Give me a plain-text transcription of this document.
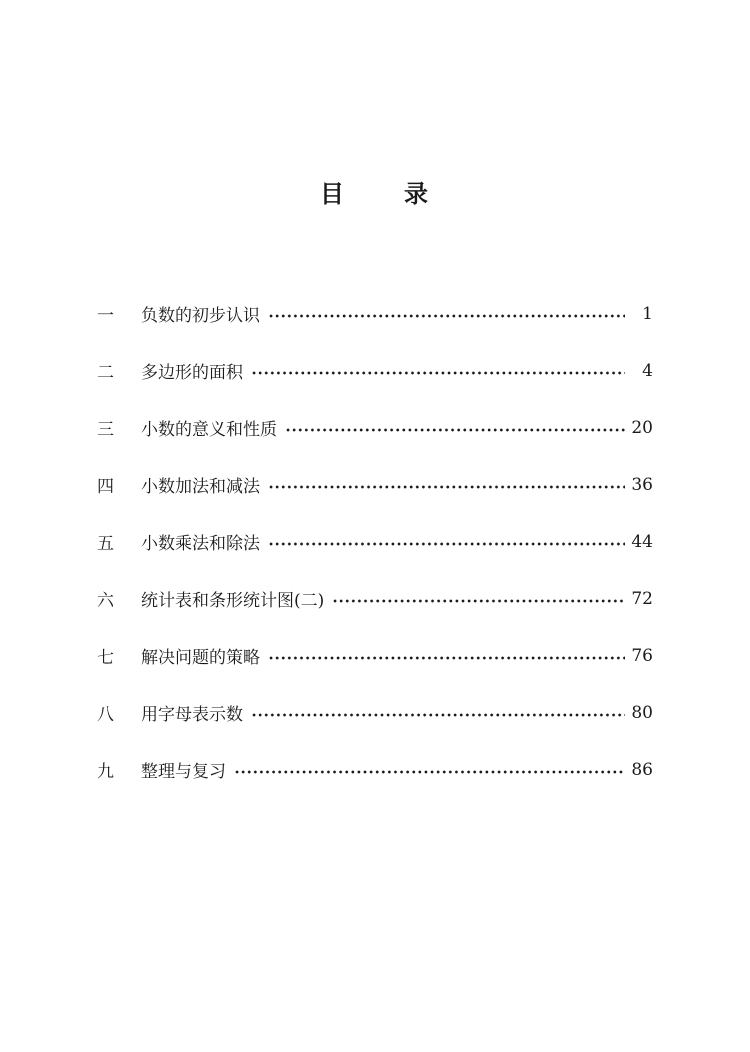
目 录
一	负数的初步认识	1
二	多边形的面积	4
三	小数的意义和性质	20
四	小数加法和减法	36
五	小数乘法和除法	44
六	统计表和条形统计图(二)	72
七	解决问题的策略	76
八	用字母表示数	80
九	整理与复习	86
